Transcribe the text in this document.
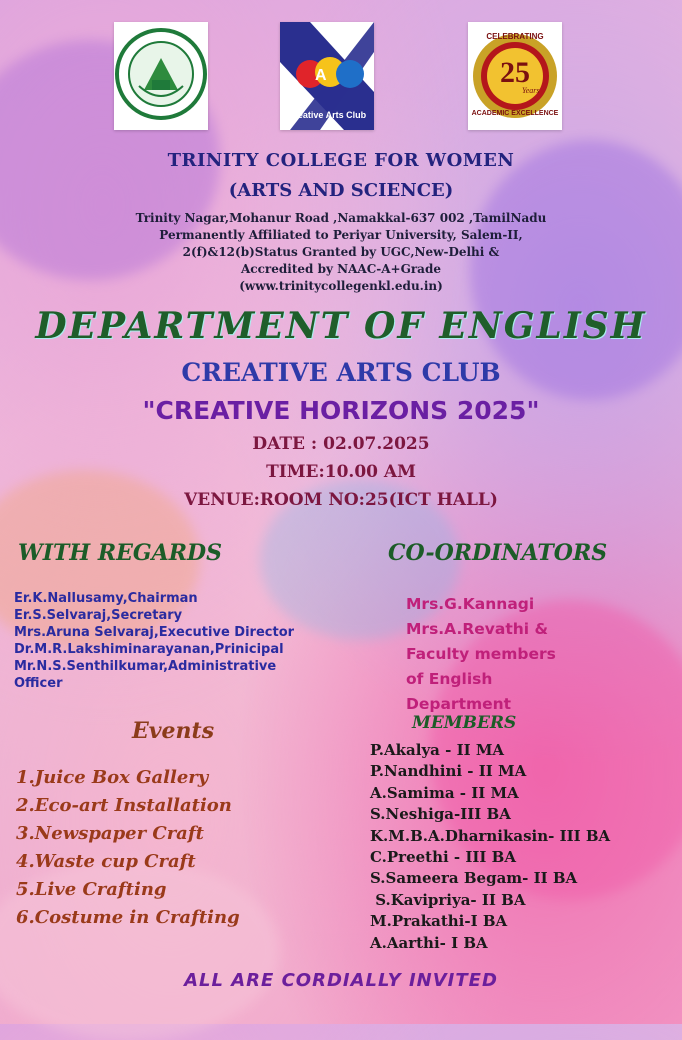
A
Creative Arts Club
CELEBRATING
25
Years
ACADEMIC EXCELLENCE
TRINITY COLLEGE FOR WOMEN
(ARTS AND SCIENCE)
Trinity Nagar,Mohanur Road ,Namakkal-637 002 ,TamilNadu
Permanently Affiliated to Periyar University, Salem-II,
2(f)&12(b)Status Granted by UGC,New-Delhi &
Accredited by NAAC-A+Grade
(www.trinitycollegenkl.edu.in)
DEPARTMENT OF ENGLISH
CREATIVE ARTS CLUB
"CREATIVE HORIZONS 2025"
DATE : 02.07.2025
TIME:10.00 AM
VENUE:ROOM NO:25(ICT HALL)
WITH REGARDS
Er.K.Nallusamy,Chairman
Er.S.Selvaraj,Secretary
Mrs.Aruna Selvaraj,Executive Director
Dr.M.R.Lakshiminarayanan,Prinicipal
Mr.N.S.Senthilkumar,Administrative
Officer
CO-ORDINATORS
Mrs.G.Kannagi
Mrs.A.Revathi &
Faculty members
of English
Department
Events
1.Juice Box Gallery
2.Eco-art Installation
3.Newspaper Craft
4.Waste cup Craft
5.Live Crafting
6.Costume in Crafting
MEMBERS
P.Akalya - II MA
P.Nandhini - II MA
A.Samima - II MA
S.Neshiga-III BA
K.M.B.A.Dharnikasin- III BA
C.Preethi - III BA
S.Sameera Begam- II BA
S.Kavipriya- II BA
M.Prakathi-I BA
A.Aarthi- I BA
ALL ARE CORDIALLY INVITED
